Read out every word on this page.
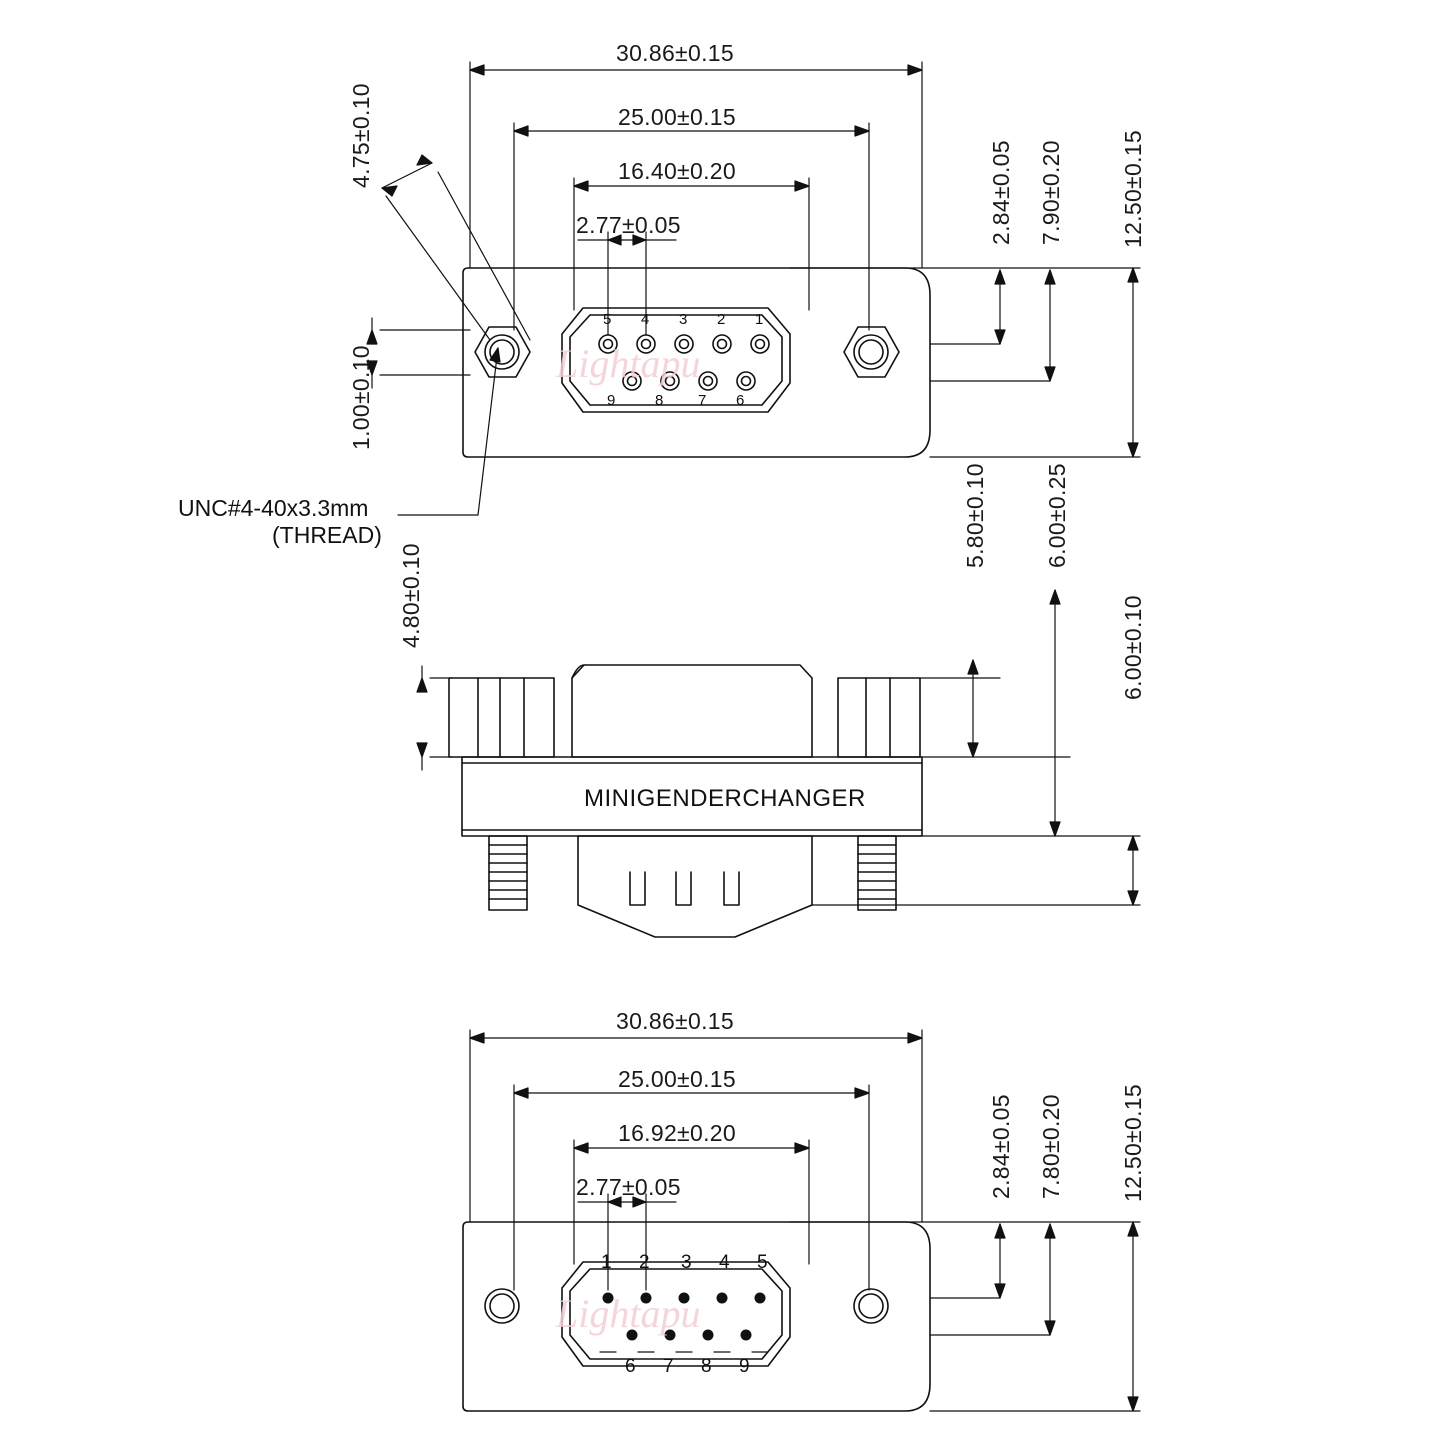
30.86±0.15
25.00±0.15
16.40±0.20
2.77±0.05
4.75±0.10
1.00±0.10
2.84±0.05 7.90±0.20 12.50±0.15
5 4 3 2 1
9	8 7 6
UNC#4-40x3.3mm
(THREAD)
4.80±0.10
5.80±0.10 6.00±0.25
6.00±0.10
MINIGENDERCHANGER
30.86±0.15
25.00±0.15
16.92±0.20
2.77±0.05	2.84±0.05 7.80±0.20 12.50±0.15
1 2 3 4 5
6 7 8 9
Lightapu
Lightapu
